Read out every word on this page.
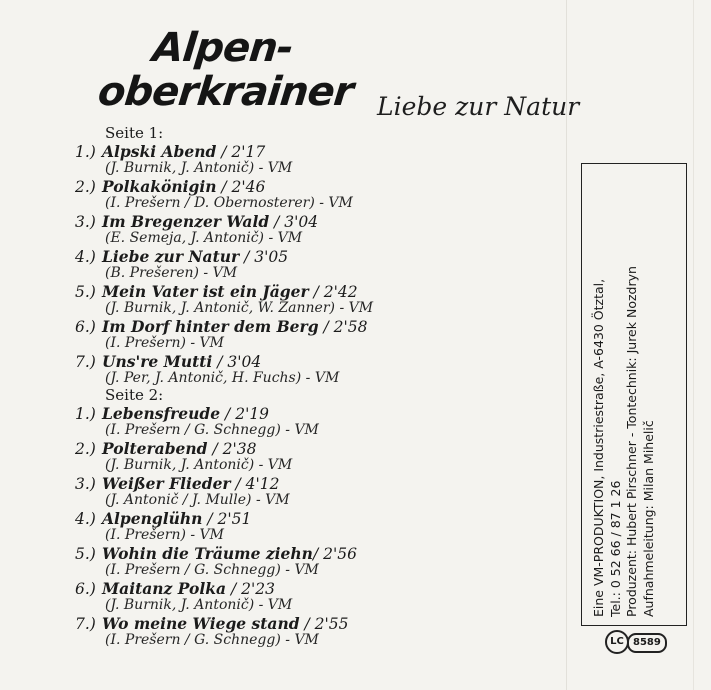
Alpen-
oberkrainer Liebe zur Natur
Seite 1:
1.) Alpski Abend / 2'17
(J. Burnik, J. Antonič) - VM
2.) Polkakönigin / 2'46
(I. Prešern / D. Obernosterer) - VM
3.) Im Bregenzer Wald / 3'04
(E. Semeja, J. Antonič) - VM
4.) Liebe zur Natur / 3'05
(B. Prešeren) - VM
5.) Mein Vater ist ein Jäger / 2'42
(J. Burnik, J. Antonič, W. Zanner) - VM
6.) Im Dorf hinter dem Berg / 2'58
(I. Prešern) - VM
7.) Uns're Mutti / 3'04
(J. Per, J. Antonič, H. Fuchs) - VM
Seite 2:
1.) Lebensfreude / 2'19
(I. Prešern / G. Schnegg) - VM
2.) Polterabend / 2'38
(J. Burnik, J. Antonič) - VM
3.) Weißer Flieder / 4'12
(J. Antonič / J. Mulle) - VM
4.) Alpenglühn / 2'51
(I. Prešern) - VM
5.) Wohin die Träume ziehn/ 2'56
(I. Prešern / G. Schnegg) - VM
6.) Maitanz Polka / 2'23
(J. Burnik, J. Antonič) - VM
7.) Wo meine Wiege stand / 2'55
(I. Prešern / G. Schnegg) - VM
Eine VM-PRODUKTION, Industriestraße, A-6430 Ötztal, Tel.: 0 52 66 / 87 1 26 Produzent: Hubert Pirschner - Tontechnik: Jurek Nozdryn Aufnahmeleitung: Milan Mihelič
LC 8589
